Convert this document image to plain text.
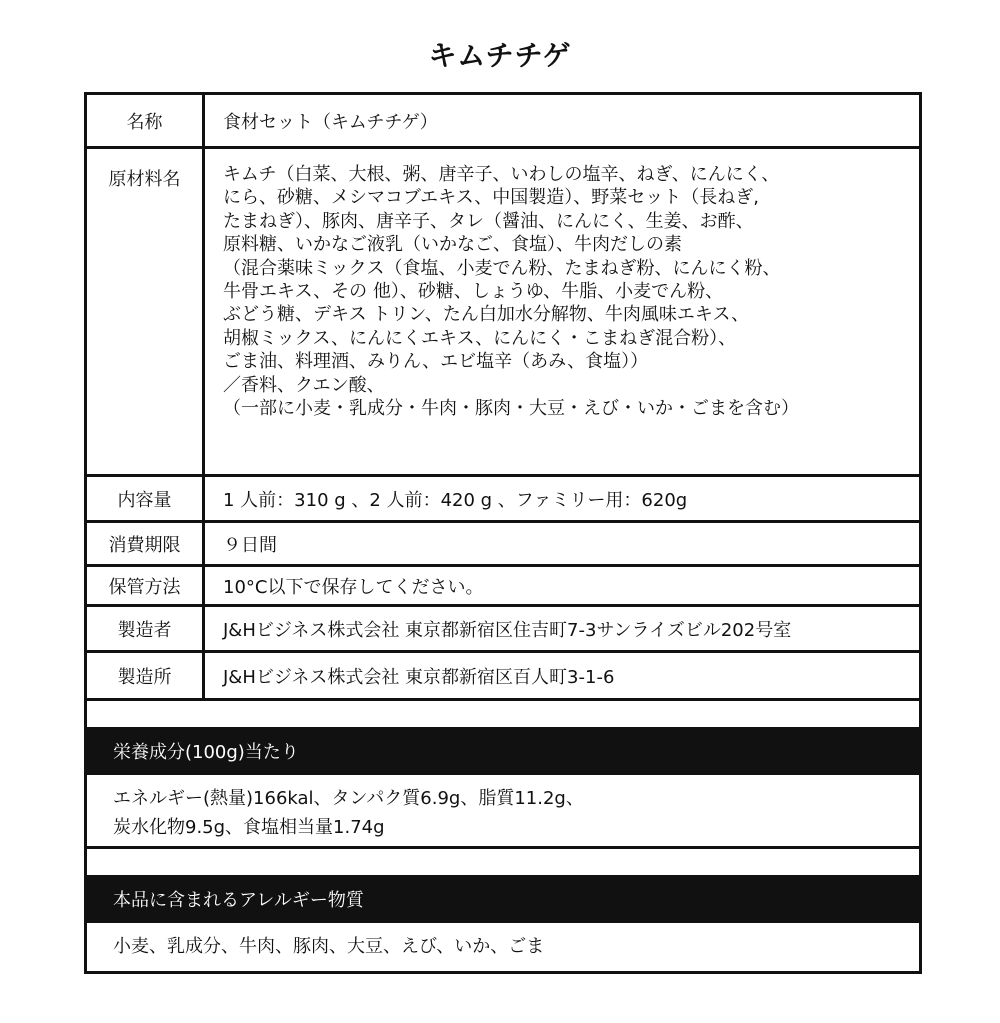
キムチチゲ
名称	食材セット（キムチチゲ）
原材料名	キムチ（白菜、大根、粥、唐辛子、いわしの塩辛、ねぎ、にんにく、
にら、砂糖、メシマコブエキス、中国製造）、野菜セット（長ねぎ,
たまねぎ）、豚肉、唐辛子、タレ（醤油、にんにく、生姜、お酢、
原料糖、いかなご液乳（いかなご、食塩）、牛肉だしの素
（混合薬味ミックス（食塩、小麦でん粉、たまねぎ粉、にんにく粉、
牛骨エキス、その 他）、砂糖、しょうゆ、牛脂、小麦でん粉、
ぶどう糖、デキス トリン、たん白加水分解物、牛肉風味エキス、
胡椒ミックス、にんにくエキス、にんにく・こまねぎ混合粉）、
ごま油、料理酒、みりん、エビ塩辛（あみ、食塩））
／香料、クエン酸、
（一部に小麦・乳成分・牛肉・豚肉・大豆・えび・いか・ごまを含む）
内容量	1 人前：310 g 、2 人前：420 g 、ファミリー用：620g
消費期限	９日間
保管方法	10°C以下で保存してください。
製造者	J&Hビジネス株式会社 東京都新宿区住吉町7-3サンライズビル202号室
製造所	J&Hビジネス株式会社 東京都新宿区百人町3-1-6
栄養成分(100g)当たり
エネルギー(熱量)166kal、タンパク質6.9g、脂質11.2g、
炭水化物9.5g、食塩相当量1.74g
本品に含まれるアレルギー物質
小麦、乳成分、牛肉、豚肉、大豆、えび、いか、ごま
